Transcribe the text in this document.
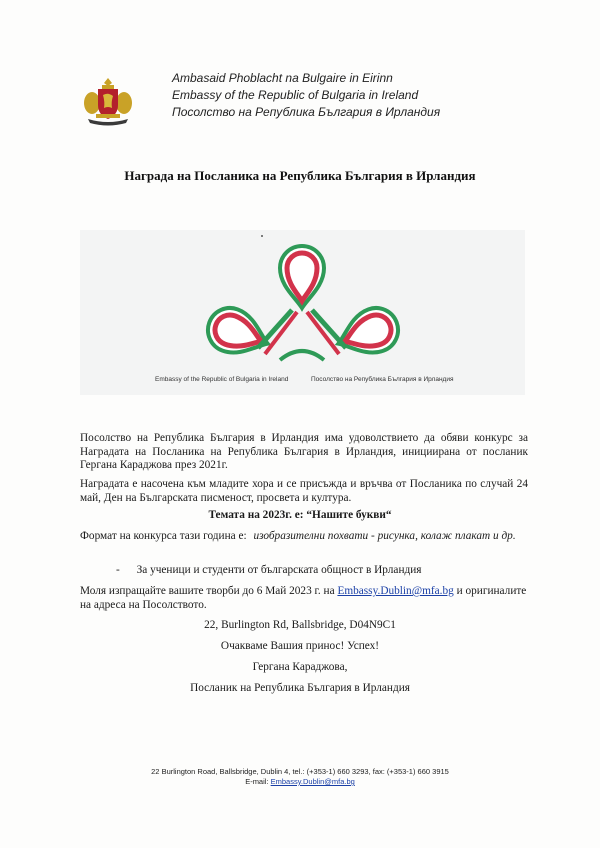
Ambasaid Phoblacht na Bulgaire in Eirinn
Embassy of the Republic of Bulgaria in Ireland
Посолство на Република България в Ирландия
Награда на Посланика на Република България в Ирландия
Embassy of the Republic of Bulgaria in Ireland	Посолство на Република България в Ирландия
Посолство на Република България в Ирландия има удоволствието да обяви конкурс за Наградата на Посланика на Република България в Ирландия, инициирана от посланик Гергана Караджова през 2021г.
Наградата е насочена към младите хора и се присъжда и връчва от Посланика по случай 24 май, Ден на Българската писменост, просвета и култура.
Темата на 2023г. е: “Нашите букви“
Формат на конкурса тази година е: изобразителни похвати - рисунка, колаж плакат и др.
- За ученици и студенти от българската общност в Ирландия
Моля изпращайте вашите творби до 6 Май 2023 г. на Embassy.Dublin@mfa.bg и оригиналите на адреса на Посолството.
22, Burlington Rd, Ballsbridge, D04N9C1
Очакваме Вашия принос! Успех!
Гергана Караджова,
Посланик на Република България в Ирландия
22 Burlington Road, Ballsbridge, Dublin 4, tel.: (+353-1) 660 3293, fax: (+353-1) 660 3915
E-mail: Embassy.Dublin@mfa.bg
